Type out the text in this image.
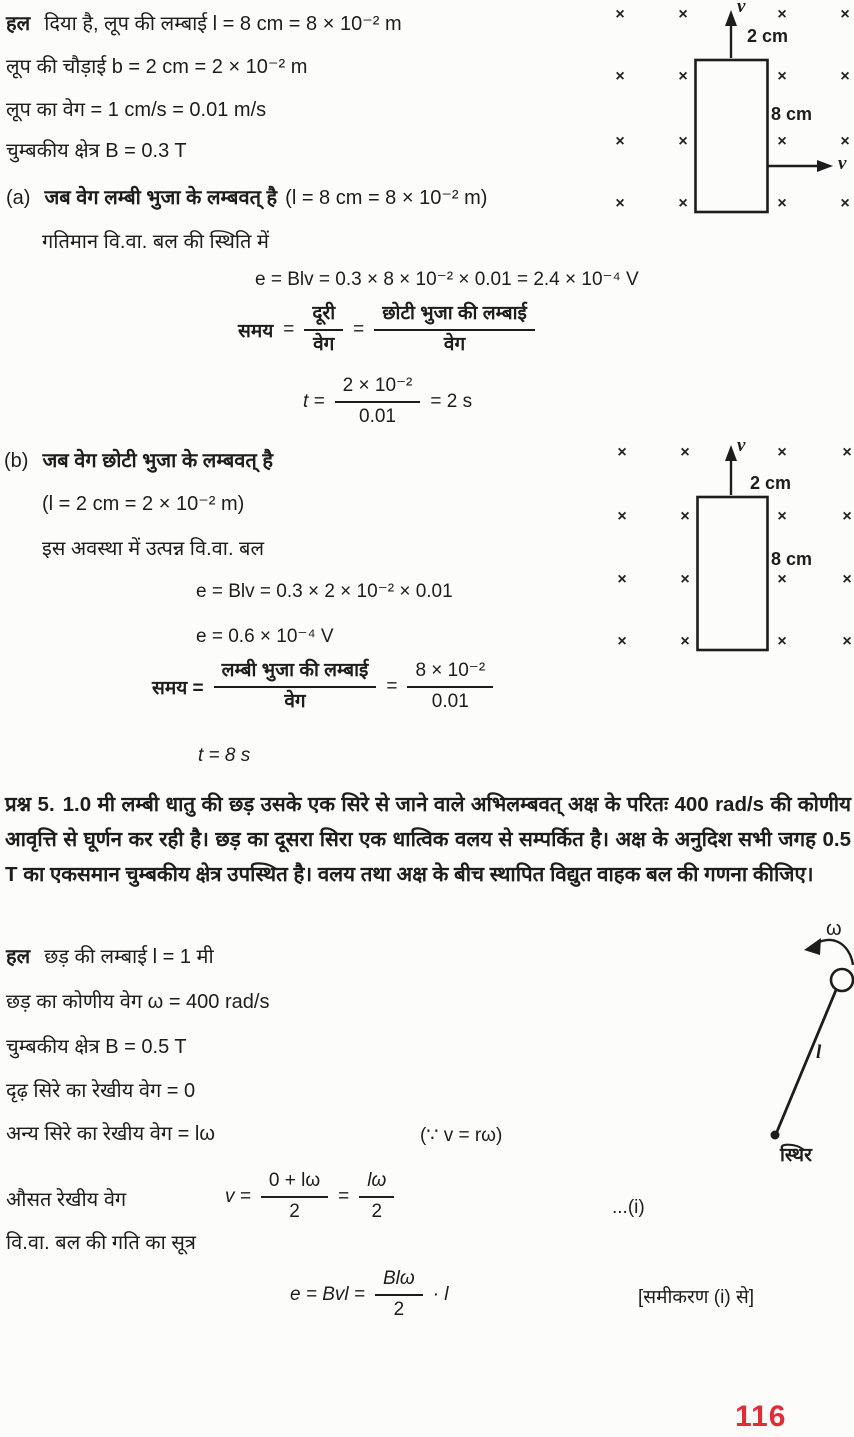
हल दिया है, लूप की लम्बाई l = 8 cm = 8 × 10⁻² m
लूप की चौड़ाई b = 2 cm = 2 × 10⁻² m
लूप का वेग = 1 cm/s = 0.01 m/s
चुम्बकीय क्षेत्र B = 0.3 T
(a) जब वेग लम्बी भुजा के लम्बवत् है (l = 8 cm = 8 × 10⁻² m)
गतिमान वि.वा. बल की स्थिति में
e = Blv = 0.3 × 8 × 10⁻² × 0.01 = 2.4 × 10⁻⁴ V
समय = $\frac{\text{दूरी}}{\text{वेग}} = \frac{\text{छोटी भुजा की लम्बाई}}{\text{वेग}}$
$t = \frac{\text{2 × 10⁻²}}{0.01} = 2$ s
(b) जब वेग छोटी भुजा के लम्बवत् है
(l = 2 cm = 2 × 10⁻² m)
इस अवस्था में उत्पन्न वि.वा. बल
e = Blv = 0.3 × 2 × 10⁻² × 0.01
e = 0.6 × 10⁻⁴ V
समय = $\frac{\text{लम्बी भुजा की लम्बाई}}{\text{वेग}} = \frac{\text{8 × 10⁻²}}{0.01}$
t = 8 s

प्रश्न 5. 1.0 मी लम्बी धातु की छड़ उसके एक सिरे से जाने वाले अभिलम्बवत् अक्ष के परितः 400 rad/s की कोणीय आवृत्ति से घूर्णन कर रही है। छड़ का दूसरा सिरा एक धात्विक वलय से सम्पर्कित है। अक्ष के अनुदिश सभी जगह 0.5 T का एकसमान चुम्बकीय क्षेत्र उपस्थित है। वलय तथा अक्ष के बीच स्थापित विद्युत वाहक बल की गणना कीजिए।

हल छड़ की लम्बाई l = 1 मी
छड़ का कोणीय वेग ω = 400 rad/s
चुम्बकीय क्षेत्र B = 0.5 T
दृढ़ सिरे का रेखीय वेग = 0
अन्य सिरे का रेखीय वेग = lω	(∵ v = rω)
औसत रेखीय वेग	$v = \frac{0 + l\omega}{2} = \frac{l\omega}{2}$	...(i)
वि.वा. बल की गति का सूत्र
e = Bvl = $\frac{\text{Blω}}{2} \cdot l$	[समीकरण (i) से]
×
×
×
×
×
×
×
×
×
×
×
×
×
×
×
×
v
2 cm
8 cm
v
×
×
×
×
×
×
×
×
×
×
×
×
×
×
×
×
v
2 cm
8 cm
ω
l
स्थिर
116
